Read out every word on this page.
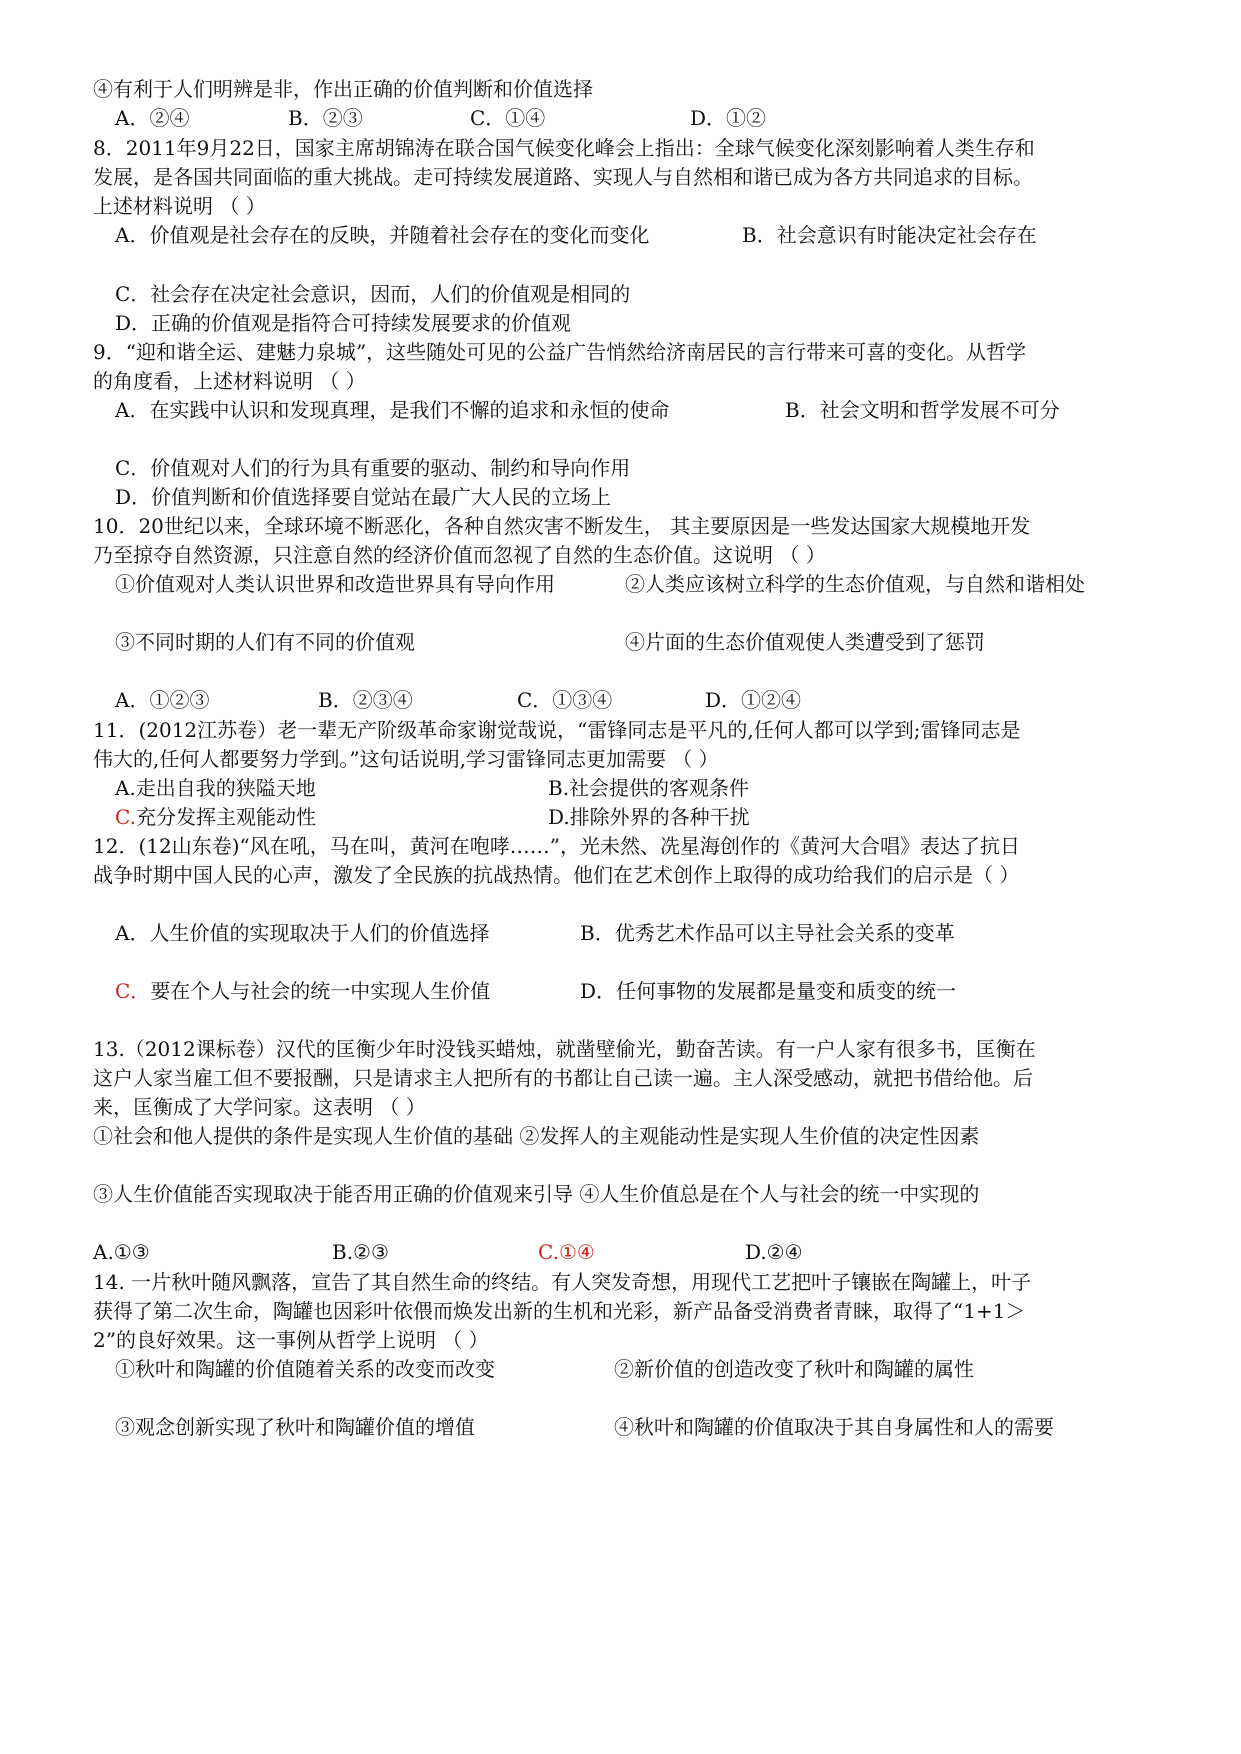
④有利于人们明辨是非，作出正确的价值判断和价值选择

A．②④	B．②③	C．①④	D．①②

8．2011年9月22日，国家主席胡锦涛在联合国气候变化峰会上指出：全球气候变化深刻影响着人类生存和

发展，是各国共同面临的重大挑战。走可持续发展道路、实现人与自然相和谐已成为各方共同追求的目标。

上述材料说明 （ ）

A．价值观是社会存在的反映，并随着社会存在的变化而变化	B．社会意识有时能决定社会存在

C．社会存在决定社会意识，因而，人们的价值观是相同的

D．正确的价值观是指符合可持续发展要求的价值观

9．“迎和谐全运、建魅力泉城”，这些随处可见的公益广告悄然给济南居民的言行带来可喜的变化。从哲学

的角度看，上述材料说明 （ ）

A．在实践中认识和发现真理，是我们不懈的追求和永恒的使命	B．社会文明和哲学发展不可分

C．价值观对人们的行为具有重要的驱动、制约和导向作用

D．价值判断和价值选择要自觉站在最广大人民的立场上

10．20世纪以来，全球环境不断恶化，各种自然灾害不断发生， 其主要原因是一些发达国家大规模地开发

乃至掠夺自然资源，只注意自然的经济价值而忽视了自然的生态价值。这说明 （ ）

①价值观对人类认识世界和改造世界具有导向作用	②人类应该树立科学的生态价值观，与自然和谐相处

③不同时期的人们有不同的价值观	④片面的生态价值观使人类遭受到了惩罚

A．①②③	B．②③④	C．①③④	D．①②④

11．(2012江苏卷）老一辈无产阶级革命家谢觉哉说，“雷锋同志是平凡的,任何人都可以学到;雷锋同志是

伟大的,任何人都要努力学到。”这句话说明,学习雷锋同志更加需要 （ ）

A.走出自我的狭隘天地	B.社会提供的客观条件

C.充分发挥主观能动性	D.排除外界的各种干扰

12．(12山东卷)“风在吼，马在叫，黄河在咆哮……”，光未然、冼星海创作的《黄河大合唱》表达了抗日

战争时期中国人民的心声，激发了全民族的抗战热情。他们在艺术创作上取得的成功给我们的启示是（ ）

A．人生价值的实现取决于人们的价值选择	B．优秀艺术作品可以主导社会关系的变革

C．要在个人与社会的统一中实现人生价值	D．任何事物的发展都是量变和质变的统一

13.（2012课标卷）汉代的匡衡少年时没钱买蜡烛，就凿壁偷光，勤奋苦读。有一户人家有很多书，匡衡在

这户人家当雇工但不要报酬，只是请求主人把所有的书都让自己读一遍。主人深受感动，就把书借给他。后

来，匡衡成了大学问家。这表明 （ ）

①社会和他人提供的条件是实现人生价值的基础 ②发挥人的主观能动性是实现人生价值的决定性因素

③人生价值能否实现取决于能否用正确的价值观来引导 ④人生价值总是在个人与社会的统一中实现的

A.①③	B.②③	C.①④	D.②④

14. 一片秋叶随风飘落，宣告了其自然生命的终结。有人突发奇想，用现代工艺把叶子镶嵌在陶罐上，叶子

获得了第二次生命，陶罐也因彩叶依偎而焕发出新的生机和光彩，新产品备受消费者青睐，取得了“1+1＞

2”的良好效果。这一事例从哲学上说明 （ ）

①秋叶和陶罐的价值随着关系的改变而改变	②新价值的创造改变了秋叶和陶罐的属性

③观念创新实现了秋叶和陶罐价值的增值	④秋叶和陶罐的价值取决于其自身属性和人的需要
